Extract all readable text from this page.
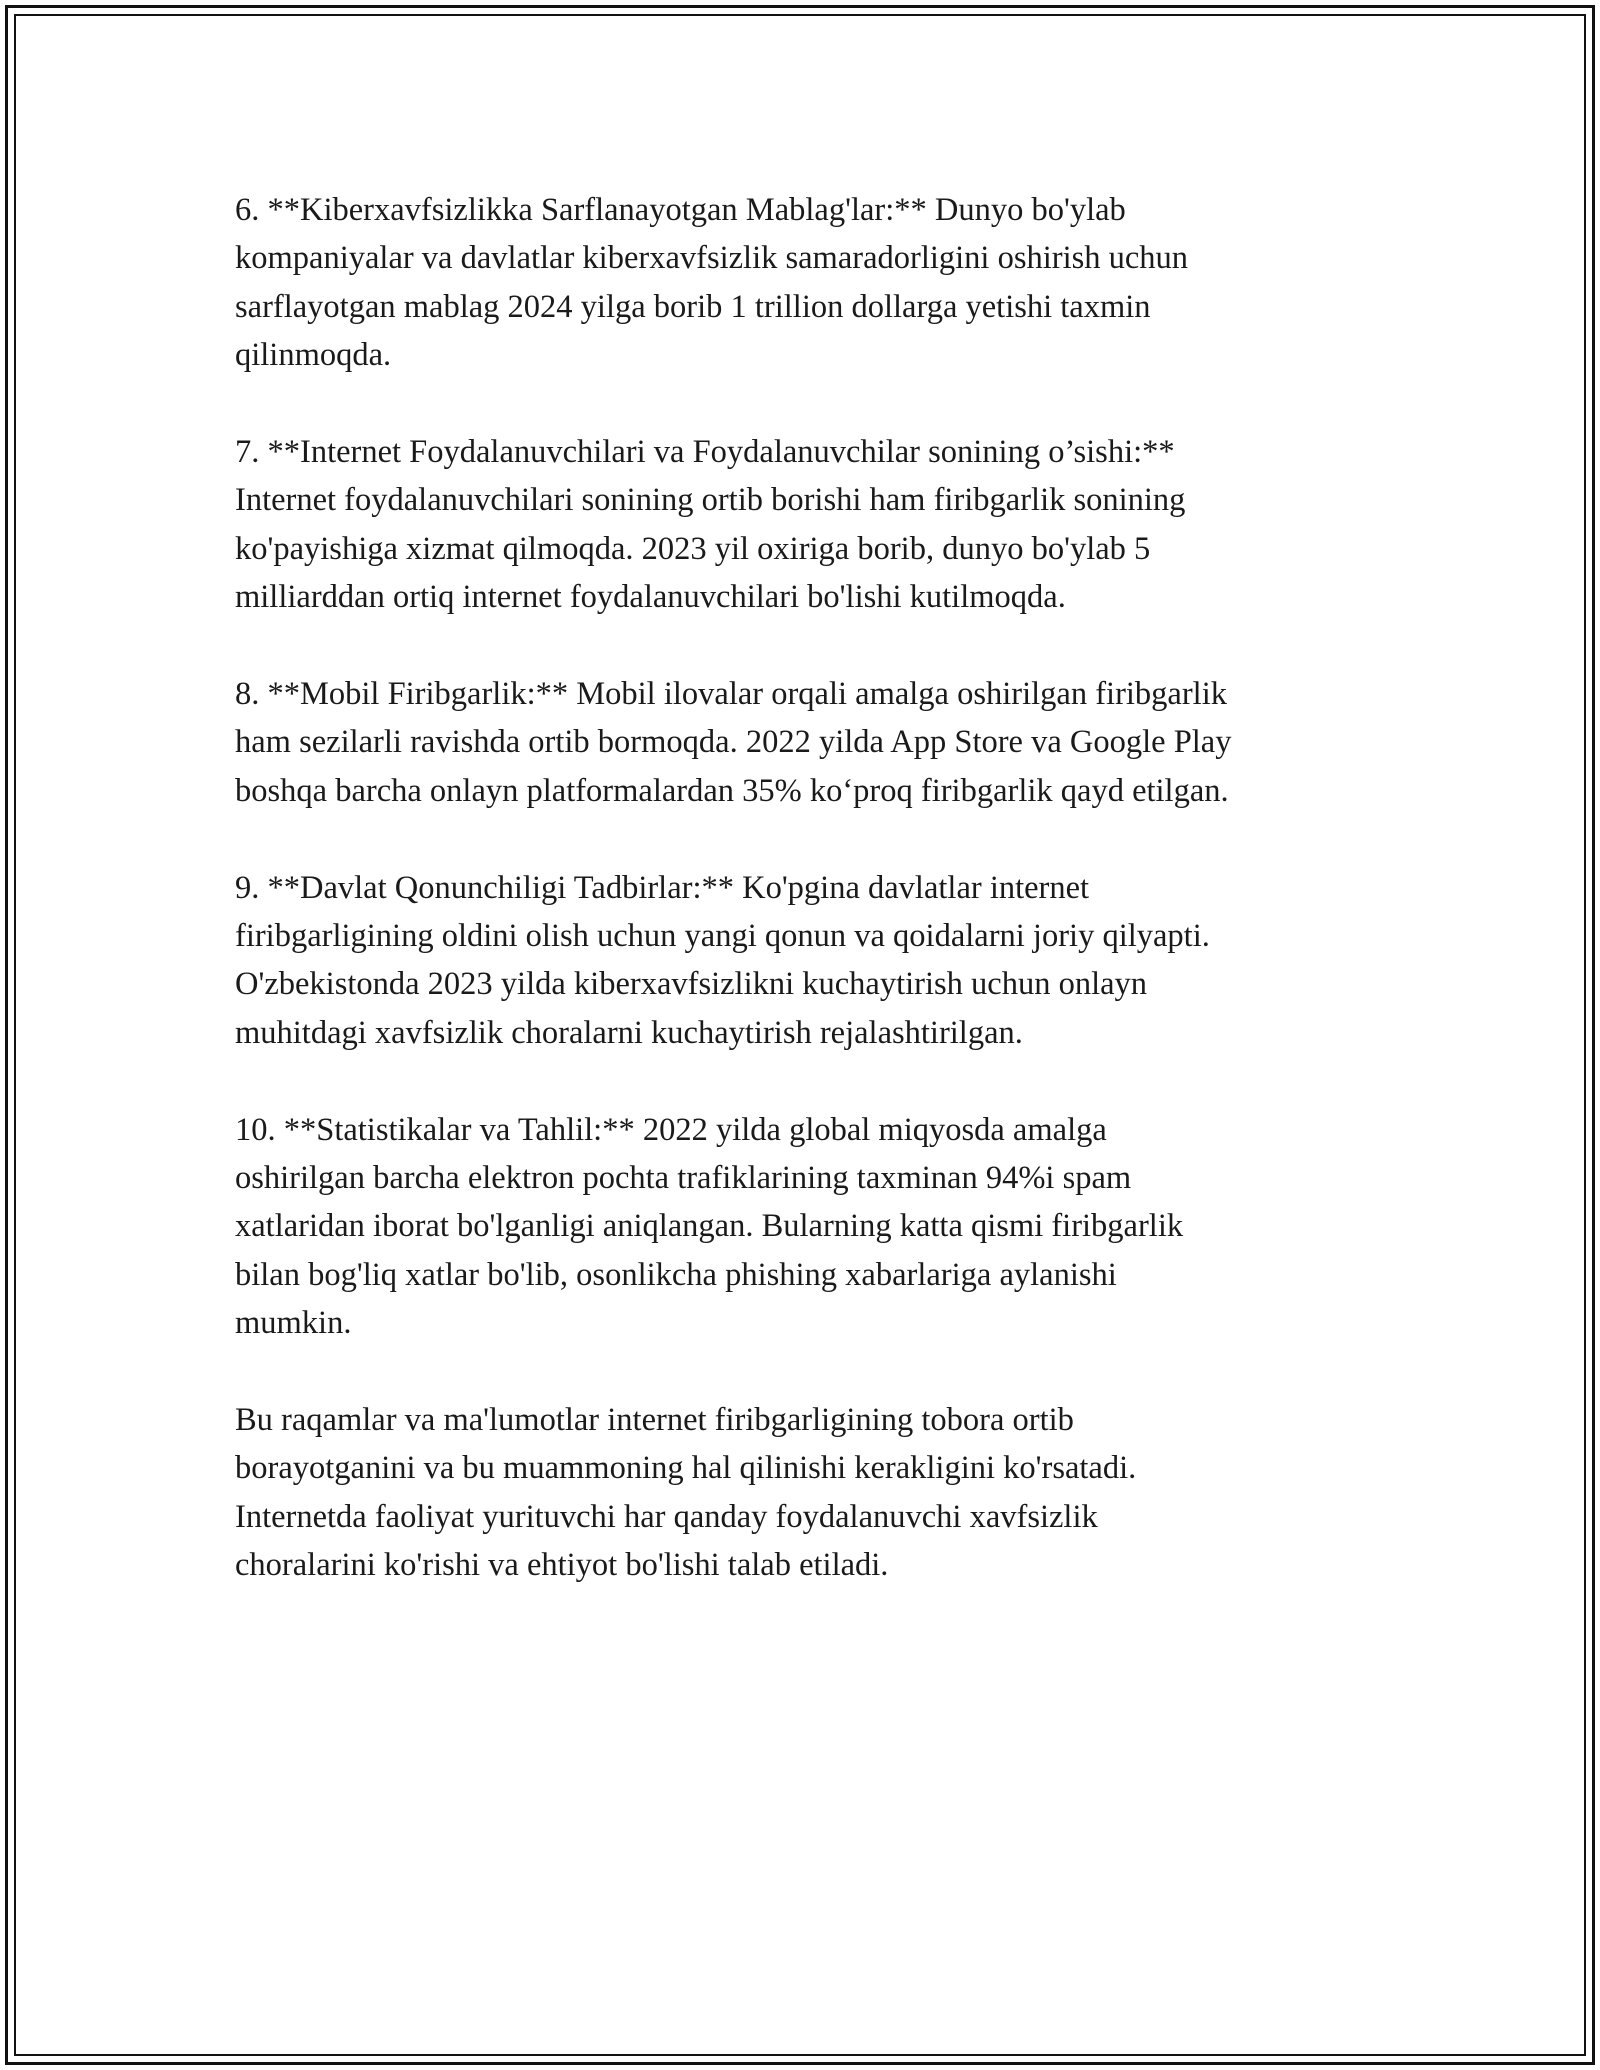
6. **Kiberxavfsizlikka Sarflanayotgan Mablag'lar:** Dunyo bo'ylab
kompaniyalar va davlatlar kiberxavfsizlik samaradorligini oshirish uchun
sarflayotgan mablag 2024 yilga borib 1 trillion dollarga yetishi taxmin
qilinmoqda.

7. **Internet Foydalanuvchilari va Foydalanuvchilar sonining o’sishi:**
Internet foydalanuvchilari sonining ortib borishi ham firibgarlik sonining
ko'payishiga xizmat qilmoqda. 2023 yil oxiriga borib, dunyo bo'ylab 5
milliarddan ortiq internet foydalanuvchilari bo'lishi kutilmoqda.

8. **Mobil Firibgarlik:** Mobil ilovalar orqali amalga oshirilgan firibgarlik
ham sezilarli ravishda ortib bormoqda. 2022 yilda App Store va Google Play
boshqa barcha onlayn platformalardan 35% ko‘proq firibgarlik qayd etilgan.

9. **Davlat Qonunchiligi Tadbirlar:** Ko'pgina davlatlar internet
firibgarligining oldini olish uchun yangi qonun va qoidalarni joriy qilyapti.
O'zbekistonda 2023 yilda kiberxavfsizlikni kuchaytirish uchun onlayn
muhitdagi xavfsizlik choralarni kuchaytirish rejalashtirilgan.

10. **Statistikalar va Tahlil:** 2022 yilda global miqyosda amalga
oshirilgan barcha elektron pochta trafiklarining taxminan 94%i spam
xatlaridan iborat bo'lganligi aniqlangan. Bularning katta qismi firibgarlik
bilan bog'liq xatlar bo'lib, osonlikcha phishing xabarlariga aylanishi
mumkin.

Bu raqamlar va ma'lumotlar internet firibgarligining tobora ortib
borayotganini va bu muammoning hal qilinishi kerakligini ko'rsatadi.
Internetda faoliyat yurituvchi har qanday foydalanuvchi xavfsizlik
choralarini ko'rishi va ehtiyot bo'lishi talab etiladi.
